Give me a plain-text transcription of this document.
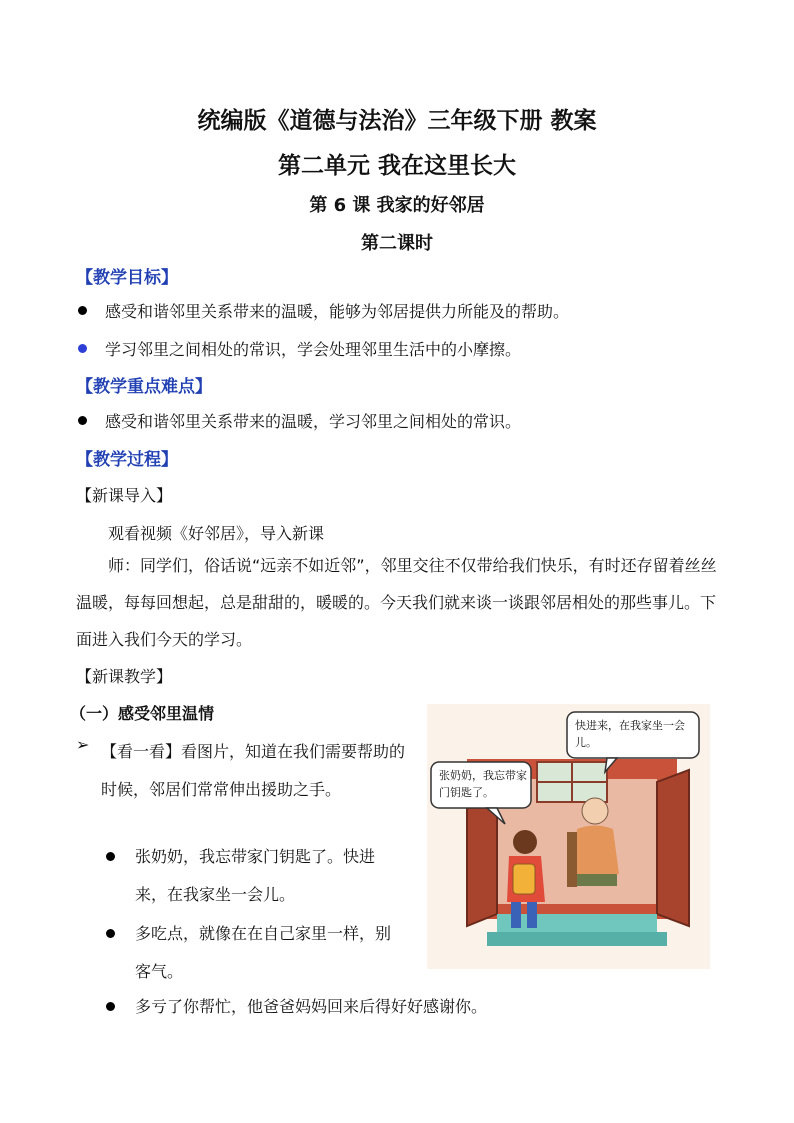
统编版《道德与法治》三年级下册 教案
第二单元 我在这里长大
第 6 课 我家的好邻居
第二课时
【教学目标】
感受和谐邻里关系带来的温暖，能够为邻居提供力所能及的帮助。
学习邻里之间相处的常识，学会处理邻里生活中的小摩擦。
【教学重点难点】
感受和谐邻里关系带来的温暖，学习邻里之间相处的常识。
【教学过程】
【新课导入】
观看视频《好邻居》，导入新课
师：同学们，俗话说“远亲不如近邻”，邻里交往不仅带给我们快乐，有时还存留着丝丝温暖，每每回想起，总是甜甜的，暖暖的。今天我们就来谈一谈跟邻居相处的那些事儿。下面进入我们今天的学习。
【新课教学】
（一）感受邻里温情
➢ 【看一看】看图片，知道在我们需要帮助的时候，邻居们常常伸出援助之手。
张奶奶，我忘带家门钥匙了。快进来，在我家坐一会儿。
多吃点，就像在在自己家里一样，别客气。
多亏了你帮忙，他爸爸妈妈回来后得好好感谢你。
快进来，在我家坐一会儿。
张奶奶，我忘带家门钥匙了。
